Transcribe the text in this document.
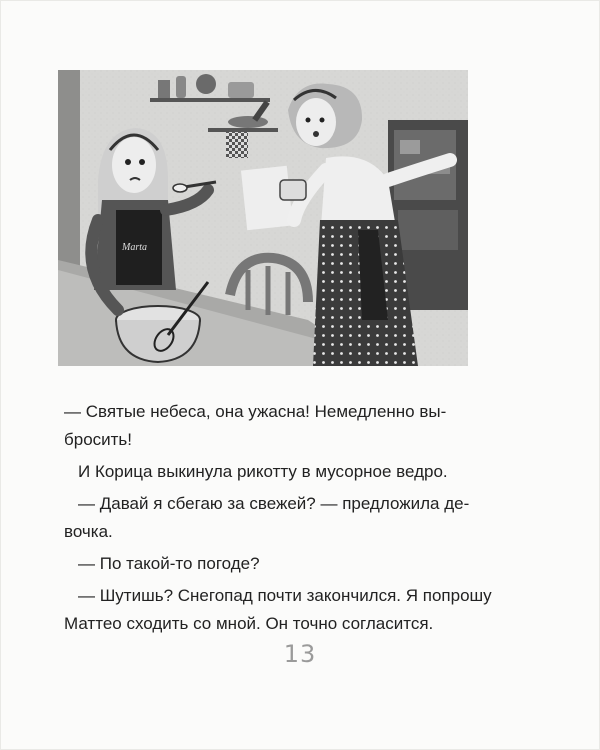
Marta

— Святые небеса, она ужасна! Немедленно выбросить!

И Корица выкинула рикотту в мусорное ведро.

— Давай я сбегаю за свежей? — предложила девочка.

— По такой-то погоде?

— Шутишь? Снегопад почти закончился. Я попрошу Маттео сходить со мной. Он точно согласится.

13
